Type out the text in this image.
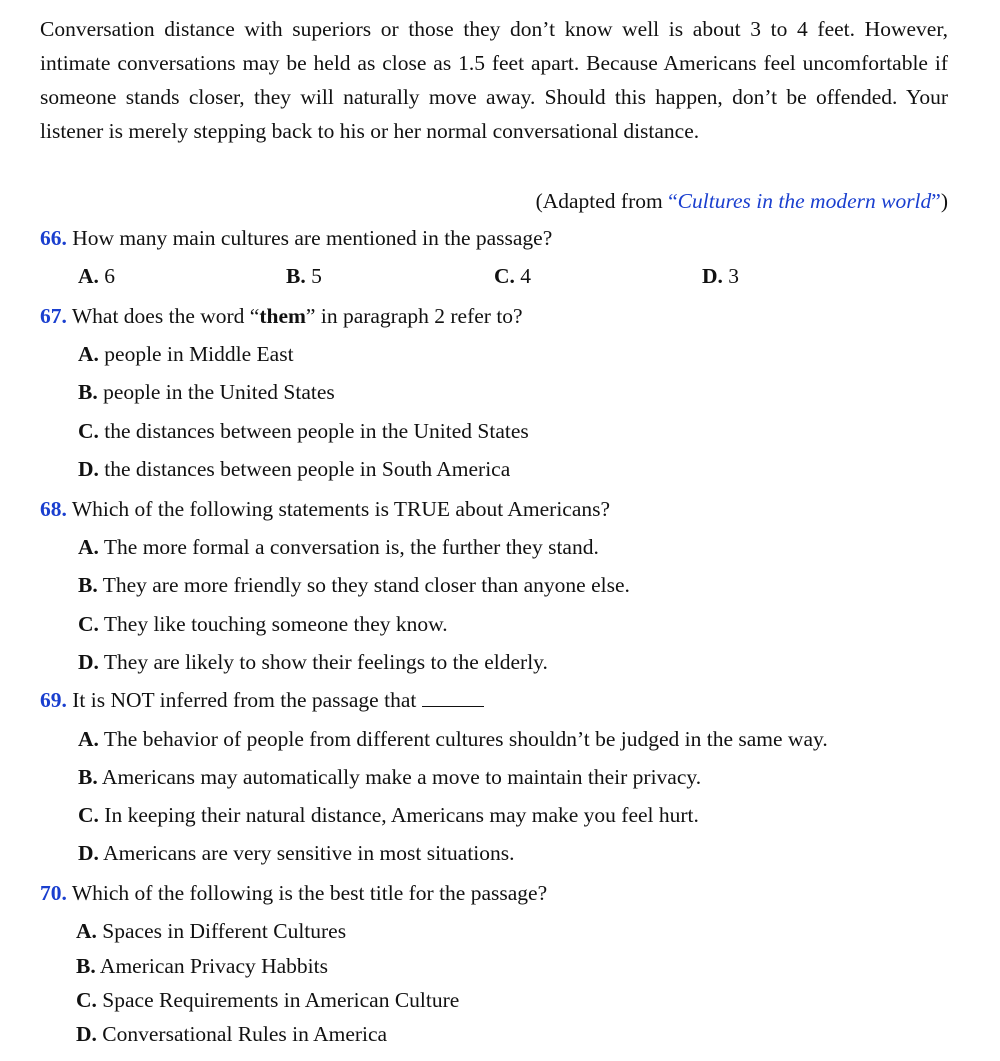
Conversation distance with superiors or those they don’t know well is about 3 to 4 feet. However, intimate conversations may be held as close as 1.5 feet apart. Because Americans feel uncomfortable if someone stands closer, they will naturally move away. Should this happen, don’t be offended. Your listener is merely stepping back to his or her normal conversational distance.

(Adapted from “Cultures in the modern world”)
66. How many main cultures are mentioned in the passage?
A. 6	B. 5	C. 4	D. 3
67. What does the word “them” in paragraph 2 refer to?
A. people in Middle East
B. people in the United States
C. the distances between people in the United States
D. the distances between people in South America
68. Which of the following statements is TRUE about Americans?
A. The more formal a conversation is, the further they stand.
B. They are more friendly so they stand closer than anyone else.
C. They like touching someone they know.
D. They are likely to show their feelings to the elderly.
69. It is NOT inferred from the passage that
A. The behavior of people from different cultures shouldn’t be judged in the same way.
B. Americans may automatically make a move to maintain their privacy.
C. In keeping their natural distance, Americans may make you feel hurt.
D. Americans are very sensitive in most situations.
70. Which of the following is the best title for the passage?
A. Spaces in Different Cultures
B. American Privacy Habbits
C. Space Requirements in American Culture
D. Conversational Rules in America
